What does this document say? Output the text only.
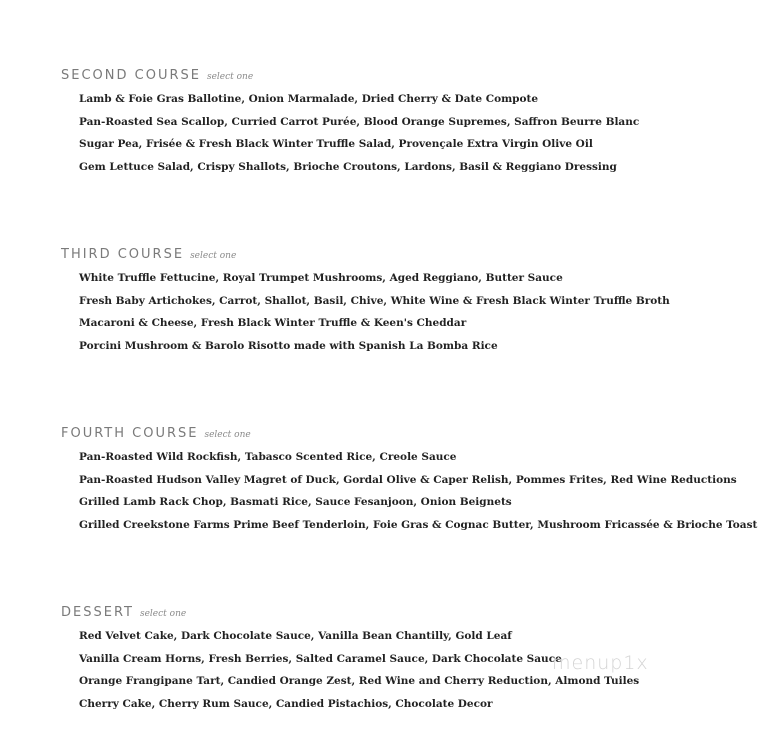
SECOND COURSE select one
Lamb & Foie Gras Ballotine, Onion Marmalade, Dried Cherry & Date Compote
Pan-Roasted Sea Scallop, Curried Carrot Purée, Blood Orange Supremes, Saffron Beurre Blanc
Sugar Pea, Frisée & Fresh Black Winter Truffle Salad, Provençale Extra Virgin Olive Oil
Gem Lettuce Salad, Crispy Shallots, Brioche Croutons, Lardons, Basil & Reggiano Dressing
THIRD COURSE select one
White Truffle Fettucine, Royal Trumpet Mushrooms, Aged Reggiano, Butter Sauce
Fresh Baby Artichokes, Carrot, Shallot, Basil, Chive, White Wine & Fresh Black Winter Truffle Broth
Macaroni & Cheese, Fresh Black Winter Truffle & Keen's Cheddar
Porcini Mushroom & Barolo Risotto made with Spanish La Bomba Rice
FOURTH COURSE select one
Pan-Roasted Wild Rockfish, Tabasco Scented Rice, Creole Sauce
Pan-Roasted Hudson Valley Magret of Duck, Gordal Olive & Caper Relish, Pommes Frites, Red Wine Reductions
Grilled Lamb Rack Chop, Basmati Rice, Sauce Fesanjoon, Onion Beignets
Grilled Creekstone Farms Prime Beef Tenderloin, Foie Gras & Cognac Butter, Mushroom Fricassée & Brioche Toast
DESSERT select one
Red Velvet Cake, Dark Chocolate Sauce, Vanilla Bean Chantilly, Gold Leaf
Vanilla Cream Horns, Fresh Berries, Salted Caramel Sauce, Dark Chocolate Sauce
Orange Frangipane Tart, Candied Orange Zest, Red Wine and Cherry Reduction, Almond Tuiles
Cherry Cake, Cherry Rum Sauce, Candied Pistachios, Chocolate Decor
menup1x
